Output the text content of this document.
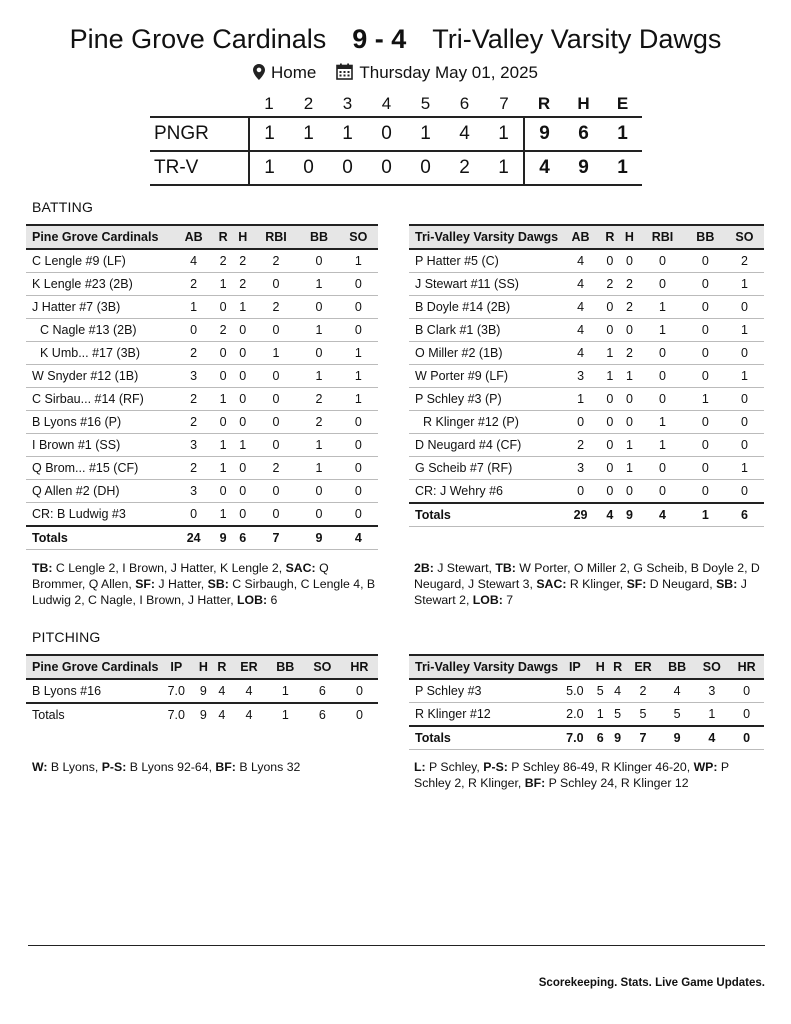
Pine Grove Cardinals 9 - 4 Tri-Valley Varsity Dawgs
Home	Thursday May 01, 2025
	1	2	3	4	5	6	7	R	H	E
PNGR	1	1	1	0	1	4	1	9	6	1
TR-V	1	0	0	0	0	2	1	4	9	1
BATTING
Pine Grove Cardinals	AB	R	H	RBI	BB	SO
C Lengle #9 (LF)	4	2	2	2	0	1
K Lengle #23 (2B)	2	1	2	0	1	0
J Hatter #7 (3B)	1	0	1	2	0	0
C Nagle #13 (2B)	0	2	0	0	1	0
K Umb... #17 (3B)	2	0	0	1	0	1
W Snyder #12 (1B)	3	0	0	0	1	1
C Sirbau... #14 (RF)	2	1	0	0	2	1
B Lyons #16 (P)	2	0	0	0	2	0
I Brown #1 (SS)	3	1	1	0	1	0
Q Brom... #15 (CF)	2	1	0	2	1	0
Q Allen #2 (DH)	3	0	0	0	0	0
CR: B Ludwig #3	0	1	0	0	0	0
Totals	24	9	6	7	9	4
Tri-Valley Varsity Dawgs	AB	R	H	RBI	BB	SO
P Hatter #5 (C)	4	0	0	0	0	2
J Stewart #11 (SS)	4	2	2	0	0	1
B Doyle #14 (2B)	4	0	2	1	0	0
B Clark #1 (3B)	4	0	0	1	0	1
O Miller #2 (1B)	4	1	2	0	0	0
W Porter #9 (LF)	3	1	1	0	0	1
P Schley #3 (P)	1	0	0	0	1	0
R Klinger #12 (P)	0	0	0	1	0	0
D Neugard #4 (CF)	2	0	1	1	0	0
G Scheib #7 (RF)	3	0	1	0	0	1
CR: J Wehry #6	0	0	0	0	0	0
Totals	29	4	9	4	1	6
TB: C Lengle 2, I Brown, J Hatter, K Lengle 2, SAC: Q Brommer, Q Allen, SF: J Hatter, SB: C Sirbaugh, C Lengle 4, B Ludwig 2, C Nagle, I Brown, J Hatter, LOB: 6
2B: J Stewart, TB: W Porter, O Miller 2, G Scheib, B Doyle 2, D Neugard, J Stewart 3, SAC: R Klinger, SF: D Neugard, SB: J Stewart 2, LOB: 7
PITCHING
Pine Grove Cardinals	IP	H	R	ER	BB	SO	HR
B Lyons #16	7.0	9	4	4	1	6	0
Totals	7.0	9	4	4	1	6	0
Tri-Valley Varsity Dawgs	IP	H	R	ER	BB	SO	HR
P Schley #3	5.0	5	4	2	4	3	0
R Klinger #12	2.0	1	5	5	5	1	0
Totals	7.0	6	9	7	9	4	0
W: B Lyons, P-S: B Lyons 92-64, BF: B Lyons 32	L: P Schley, P-S: P Schley 86-49, R Klinger 46-20, WP: P Schley 2, R Klinger, BF: P Schley 24, R Klinger 12
Scorekeeping. Stats. Live Game Updates.
